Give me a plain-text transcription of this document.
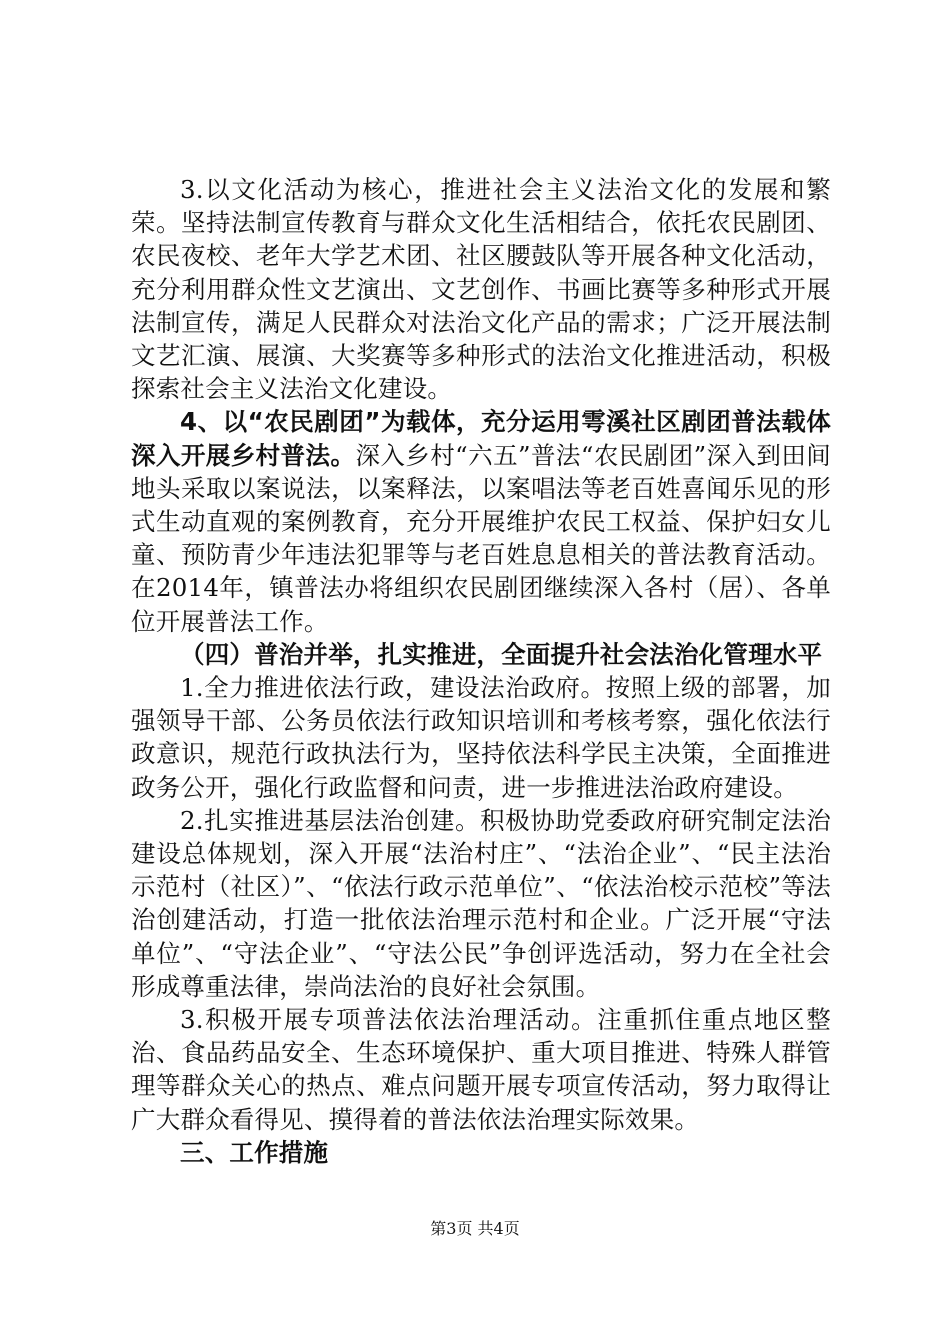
3.以文化活动为核心，推进社会主义法治文化的发展和繁荣。坚持法制宣传教育与群众文化生活相结合，依托农民剧团、农民夜校、老年大学艺术团、社区腰鼓队等开展各种文化活动，充分利用群众性文艺演出、文艺创作、书画比赛等多种形式开展法制宣传，满足人民群众对法治文化产品的需求；广泛开展法制文艺汇演、展演、大奖赛等多种形式的法治文化推进活动，积极探索社会主义法治文化建设。

4、以“农民剧团”为载体，充分运用雩溪社区剧团普法载体深入开展乡村普法。深入乡村“六五”普法“农民剧团”深入到田间地头采取以案说法，以案释法，以案唱法等老百姓喜闻乐见的形式生动直观的案例教育，充分开展维护农民工权益、保护妇女儿童、预防青少年违法犯罪等与老百姓息息相关的普法教育活动。在2014年，镇普法办将组织农民剧团继续深入各村（居）、各单位开展普法工作。

（四）普治并举，扎实推进，全面提升社会法治化管理水平

1.全力推进依法行政，建设法治政府。按照上级的部署，加强领导干部、公务员依法行政知识培训和考核考察，强化依法行政意识，规范行政执法行为，坚持依法科学民主决策，全面推进政务公开，强化行政监督和问责，进一步推进法治政府建设。

2.扎实推进基层法治创建。积极协助党委政府研究制定法治建设总体规划，深入开展“法治村庄”、“法治企业”、“民主法治示范村（社区）”、“依法行政示范单位”、“依法治校示范校”等法治创建活动，打造一批依法治理示范村和企业。广泛开展“守法单位”、“守法企业”、“守法公民”争创评选活动，努力在全社会形成尊重法律，崇尚法治的良好社会氛围。

3.积极开展专项普法依法治理活动。注重抓住重点地区整治、食品药品安全、生态环境保护、重大项目推进、特殊人群管理等群众关心的热点、难点问题开展专项宣传活动，努力取得让广大群众看得见、摸得着的普法依法治理实际效果。

三、工作措施

第3页 共4页
